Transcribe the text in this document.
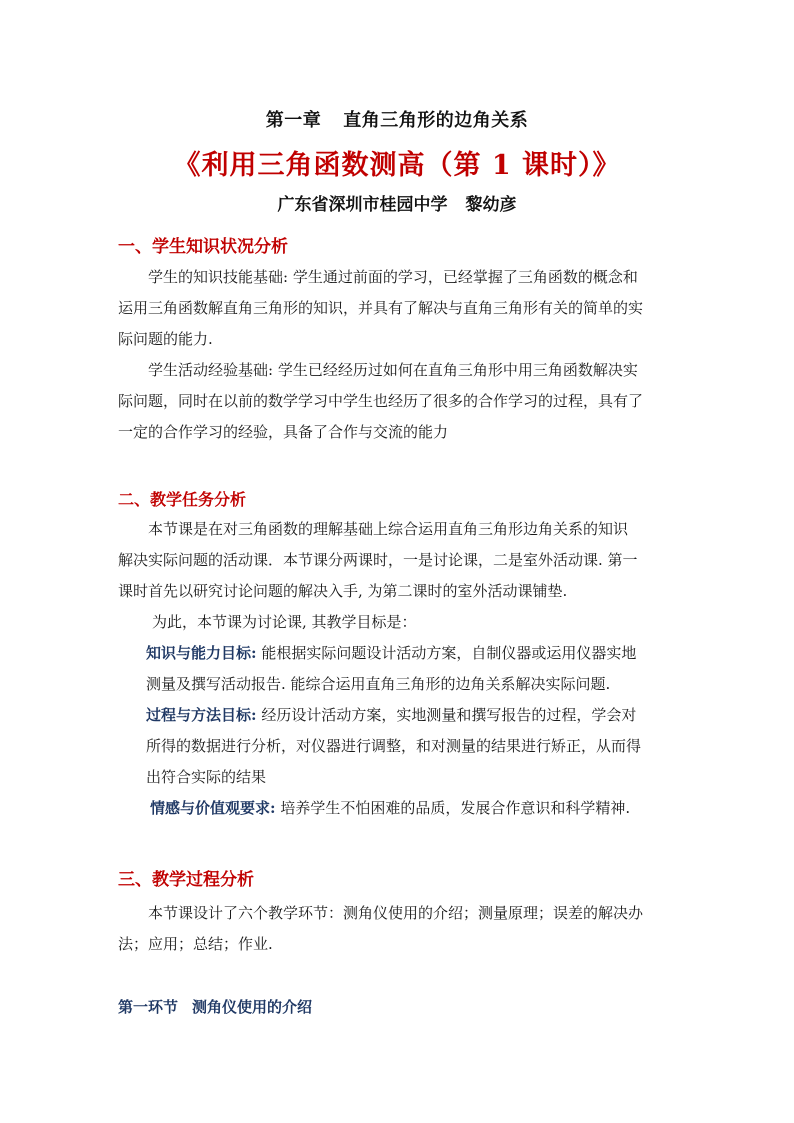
第一章 直角三角形的边角关系
《利用三角函数测高（第 1 课时）》
广东省深圳市桂园中学 黎幼彦
一、学生知识状况分析
学生的知识技能基础: 学生通过前面的学习，已经掌握了三角函数的概念和
运用三角函数解直角三角形的知识，并具有了解决与直角三角形有关的简单的实
际问题的能力.
学生活动经验基础: 学生已经经历过如何在直角三角形中用三角函数解决实
际问题，同时在以前的数学学习中学生也经历了很多的合作学习的过程，具有了
一定的合作学习的经验，具备了合作与交流的能力
二、教学任务分析
本节课是在对三角函数的理解基础上综合运用直角三角形边角关系的知识
解决实际问题的活动课．本节课分两课时，一是讨论课，二是室外活动课. 第一
课时首先以研究讨论问题的解决入手, 为第二课时的室外活动课铺垫.
为此，本节课为讨论课, 其教学目标是：
知识与能力目标: 能根据实际问题设计活动方案，自制仪器或运用仪器实地
测量及撰写活动报告. 能综合运用直角三角形的边角关系解决实际问题.
过程与方法目标: 经历设计活动方案，实地测量和撰写报告的过程，学会对
所得的数据进行分析，对仪器进行调整，和对测量的结果进行矫正，从而得
出符合实际的结果
情感与价值观要求: 培养学生不怕困难的品质，发展合作意识和科学精神.
三、教学过程分析
本节课设计了六个教学环节：测角仪使用的介绍；测量原理；误差的解决办
法；应用；总结；作业.
第一环节 测角仪使用的介绍
